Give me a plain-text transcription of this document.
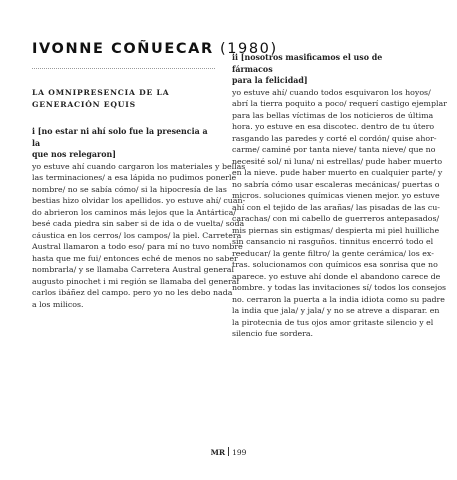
IVONNE COÑUECAR (1980)
LA OMNIPRESENCIA DE LA
GENERACIÓN EQUIS
i [no estar ni ahí solo fue la presencia a la
que nos relegaron]
yo estuve ahí cuando cargaron los materiales y bellas
las terminaciones/ a esa lápida no pudimos ponerle
nombre/ no se sabía cómo/ si la hipocresía de las
bestias hizo olvidar los apellidos. yo estuve ahí/ cuan-
do abrieron los caminos más lejos que la Antártica/
besé cada piedra sin saber si de ida o de vuelta/ soda
cáustica en los cerros/ los campos/ la piel. Carretera
Austral llamaron a todo eso/ para mí no tuvo nombre
hasta que me fui/ entonces eché de menos no saber
nombrarla/ y se llamaba Carretera Austral general
augusto pinochet i mi región se llamaba del general
carlos ibáñez del campo. pero yo no les debo nada
a los milicos.
ii [nosotros masificamos el uso de fármacos
para la felicidad]
yo estuve ahí/ cuando todos esquivaron los hoyos/
abrí la tierra poquito a poco/ requerí castigo ejemplar
para las bellas víctimas de los noticieros de última
hora. yo estuve en esa discotec. dentro de tu útero
rasgando las paredes y corté el cordón/ quise ahor-
carme/ caminé por tanta nieve/ tanta nieve/ que no
necesité sol/ ni luna/ ni estrellas/ pude haber muerto
en la nieve. pude haber muerto en cualquier parte/ y
no sabría cómo usar escaleras mecánicas/ puertas o
micros. soluciones químicas vienen mejor. yo estuve
ahí con el tejido de las arañas/ las pisadas de las cu-
carachas/ con mi cabello de guerreros antepasados/
mis piernas sin estigmas/ despierta mi piel huilliche
sin cansancio ni rasguños. tinnitus encerró todo el
reeducar/ la gente filtro/ la gente cerámica/ los ex-
tras. solucionamos con químicos esa sonrisa que no
aparece. yo estuve ahí donde el abandono carece de
nombre. y todas las invitaciones sí/ todos los consejos
no. cerraron la puerta a la india idiota como su padre
la india que jala/ y jala/ y no se atreve a disparar. en
la pirotecnia de tus ojos amor gritaste silencio y el
silencio fue sordera.
MR 199
